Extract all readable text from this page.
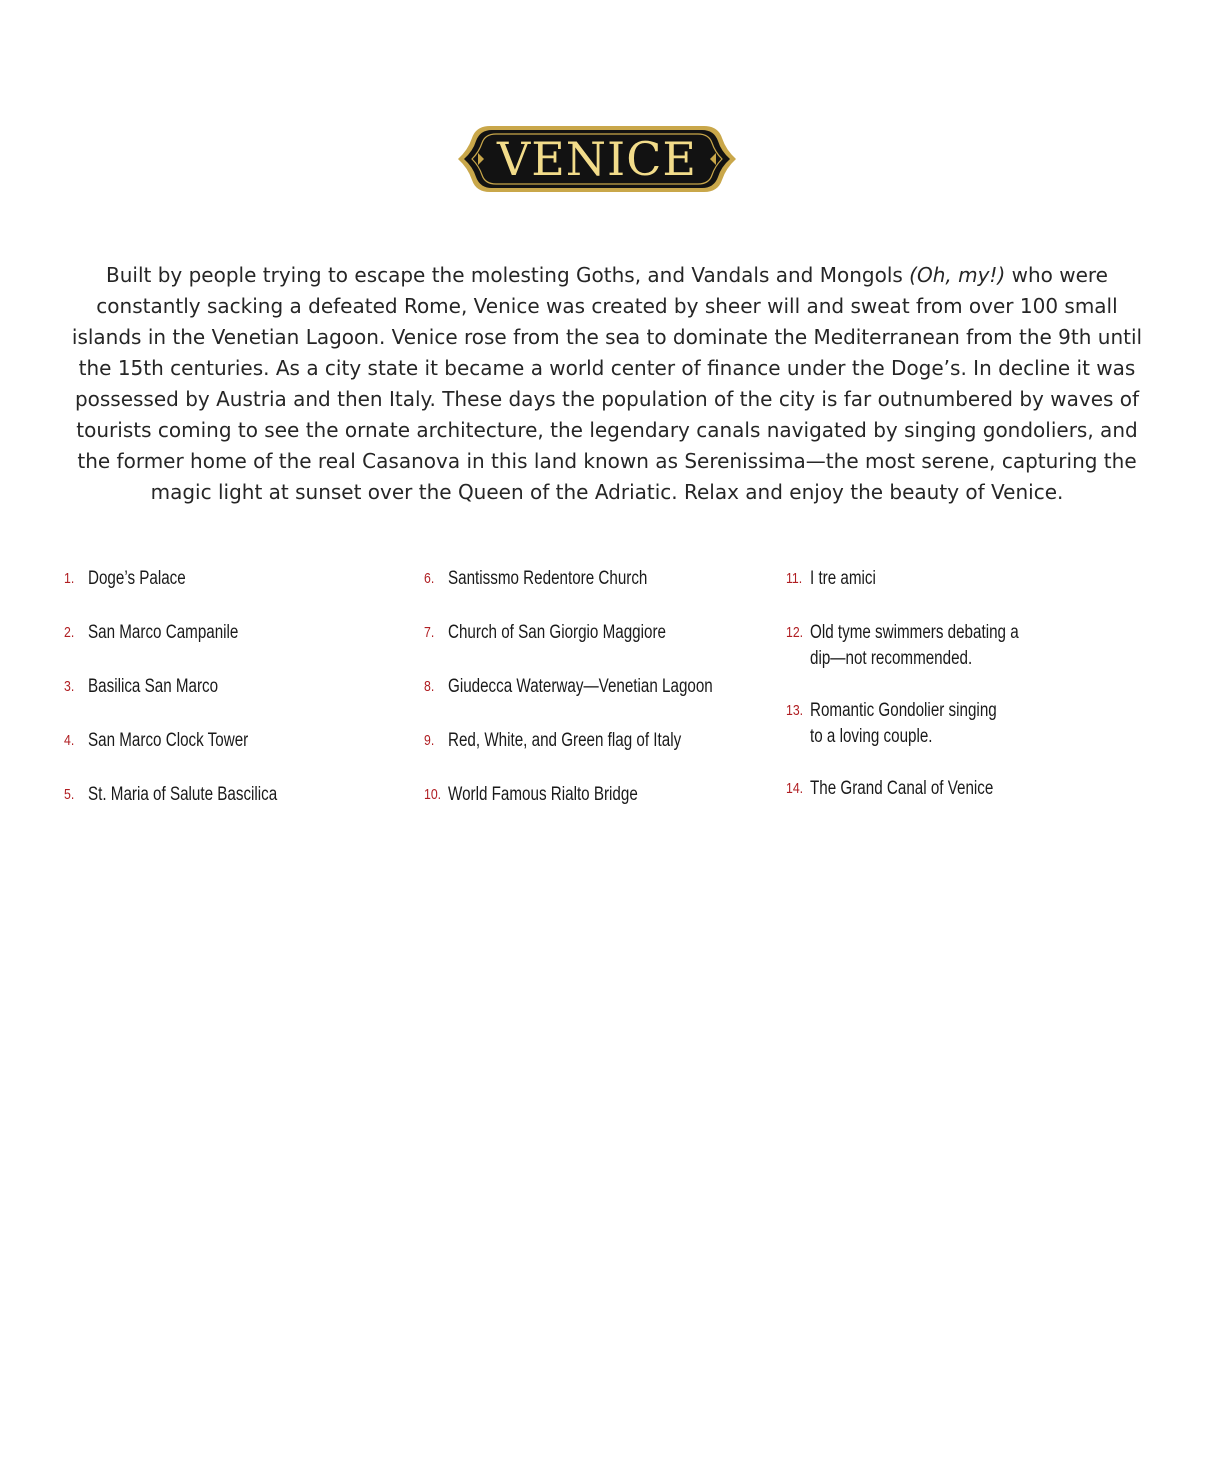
VENICE

Built by people trying to escape the molesting Goths, and Vandals and Mongols (Oh, my!) who were constantly sacking a defeated Rome, Venice was created by sheer will and sweat from over 100 small islands in the Venetian Lagoon. Venice rose from the sea to dominate the Mediterranean from the 9th until the 15th centuries. As a city state it became a world center of finance under the Doge’s. In decline it was possessed by Austria and then Italy. These days the population of the city is far outnumbered by waves of tourists coming to see the ornate architecture, the legendary canals navigated by singing gondoliers, and the former home of the real Casanova in this land known as Serenissima—the most serene, capturing the magic light at sunset over the Queen of the Adriatic. Relax and enjoy the beauty of Venice.

1. Doge’s Palace
2. San Marco Campanile
3. Basilica San Marco
4. San Marco Clock Tower
5. St. Maria of Salute Bascilica
6. Santissmo Redentore Church
7. Church of San Giorgio Maggiore
8. Giudecca Waterway—Venetian Lagoon
9. Red, White, and Green flag of Italy
10. World Famous Rialto Bridge
11. I tre amici
12. Old tyme swimmers debating a
dip—not recommended.
13. Romantic Gondolier singing
to a loving couple.
14. The Grand Canal of Venice
